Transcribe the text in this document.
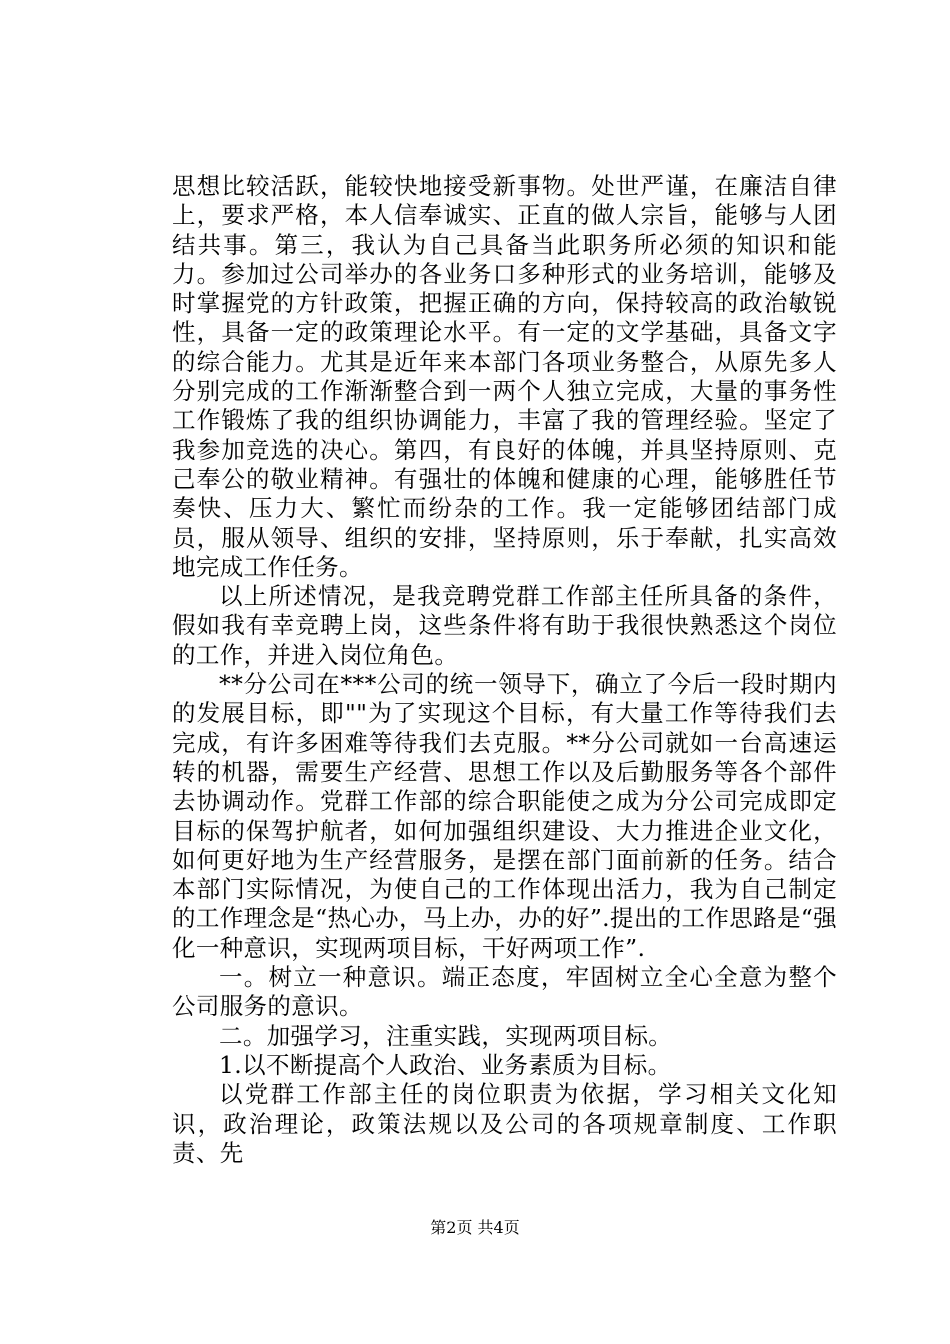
思想比较活跃，能较快地接受新事物。处世严谨，在廉洁自律上，要求严格，本人信奉诚实、正直的做人宗旨，能够与人团结共事。第三，我认为自己具备当此职务所必须的知识和能力。参加过公司举办的各业务口多种形式的业务培训，能够及时掌握党的方针政策，把握正确的方向，保持较高的政治敏锐性，具备一定的政策理论水平。有一定的文学基础，具备文字的综合能力。尤其是近年来本部门各项业务整合，从原先多人分别完成的工作渐渐整合到一两个人独立完成，大量的事务性工作锻炼了我的组织协调能力，丰富了我的管理经验。坚定了我参加竞选的决心。第四，有良好的体魄，并具坚持原则、克己奉公的敬业精神。有强壮的体魄和健康的心理，能够胜任节奏快、压力大、繁忙而纷杂的工作。我一定能够团结部门成员，服从领导、组织的安排，坚持原则，乐于奉献，扎实高效地完成工作任务。

以上所述情况，是我竞聘党群工作部主任所具备的条件，假如我有幸竞聘上岗，这些条件将有助于我很快熟悉这个岗位的工作，并进入岗位角色。

**分公司在***公司的统一领导下，确立了今后一段时期内的发展目标，即""为了实现这个目标，有大量工作等待我们去完成，有许多困难等待我们去克服。**分公司就如一台高速运转的机器，需要生产经营、思想工作以及后勤服务等各个部件去协调动作。党群工作部的综合职能使之成为分公司完成即定目标的保驾护航者，如何加强组织建设、大力推进企业文化，如何更好地为生产经营服务，是摆在部门面前新的任务。结合本部门实际情况，为使自己的工作体现出活力，我为自己制定的工作理念是“热心办，马上办，办的好”.提出的工作思路是“强化一种意识，实现两项目标，干好两项工作”.

一。树立一种意识。端正态度，牢固树立全心全意为整个公司服务的意识。

二。加强学习，注重实践，实现两项目标。

1.以不断提高个人政治、业务素质为目标。

以党群工作部主任的岗位职责为依据，学习相关文化知识，政治理论，政策法规以及公司的各项规章制度、工作职责、先

第2页 共4页
